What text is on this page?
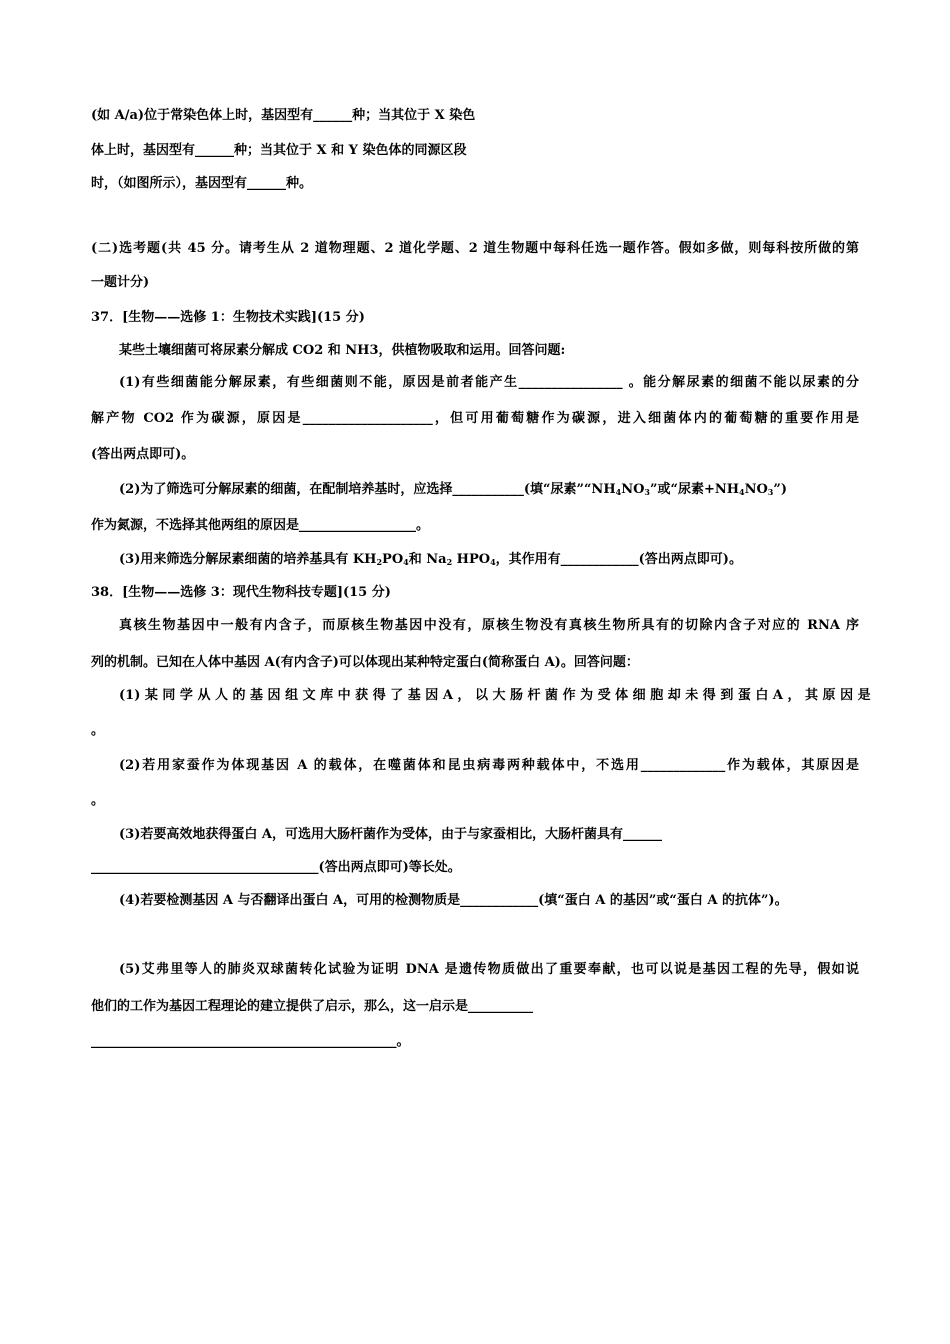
(如 A/a)位于常染色体上时，基因型有______种；当其位于 X 染色
体上时，基因型有______种；当其位于 X 和 Y 染色体的同源区段
时，（如图所示），基因型有______种。
(二)选考题(共 45 分。请考生从 2 道物理题、2 道化学题、2 道生物题中每科任选一题作答。假如多做，则每科按所做的第
一题计分)
37．[生物——选修 1：生物技术实践](15 分)
某些土壤细菌可将尿素分解成 CO2 和 NH3，供植物吸取和运用。回答问题:
(1)有些细菌能分解尿素，有些细菌则不能，原因是前者能产生________________ 。能分解尿素的细菌不能以尿素的分
解产物 CO2 作为碳源，原因是____________________，但可用葡萄糖作为碳源，进入细菌体内的葡萄糖的重要作用是
(答出两点即可)。
(2)为了筛选可分解尿素的细菌，在配制培养基时，应选择___________(填“尿素$”“NH_4NO_3$”或“尿素$+NH_4NO_3$”)
作为氮源，不选择其他两组的原因是__________________。
(3)用来筛选分解尿素细菌的培养基具有 $KH_2PO_4$和 $Na_2$ $HPO_4$，其作用有____________(答出两点即可)。
38．[生物——选修 3：现代生物科技专题](15 分)
真核生物基因中一般有内含子，而原核生物基因中没有，原核生物没有真核生物所具有的切除内含子对应的 RNA 序
列的机制。已知在人体中基因 A(有内含子)可以体现出某种特定蛋白(简称蛋白 A)。回答问题：
(1) 某 同 学 从 人 的 基 因 组 文 库 中 获 得 了 基 因 A ， 以 大 肠 杆 菌 作 为 受 体 细 胞 却 未 得 到 蛋 白 A ， 其 原 因 是
。
(2)若用家蚕作为体现基因 A 的载体，在噬菌体和昆虫病毒两种载体中，不选用_____________作为载体，其原因是
。
(3)若要高效地获得蛋白 A，可选用大肠杆菌作为受体，由于与家蚕相比，大肠杆菌具有______
___________________________________(答出两点即可)等长处。
(4)若要检测基因 A 与否翻译出蛋白 A，可用的检测物质是____________(填“蛋白 A 的基因”或“蛋白 A 的抗体”)。
(5)艾弗里等人的肺炎双球菌转化试验为证明 DNA 是遗传物质做出了重要奉献，也可以说是基因工程的先导，假如说
他们的工作为基因工程理论的建立提供了启示，那么，这一启示是__________
_______________________________________________。
